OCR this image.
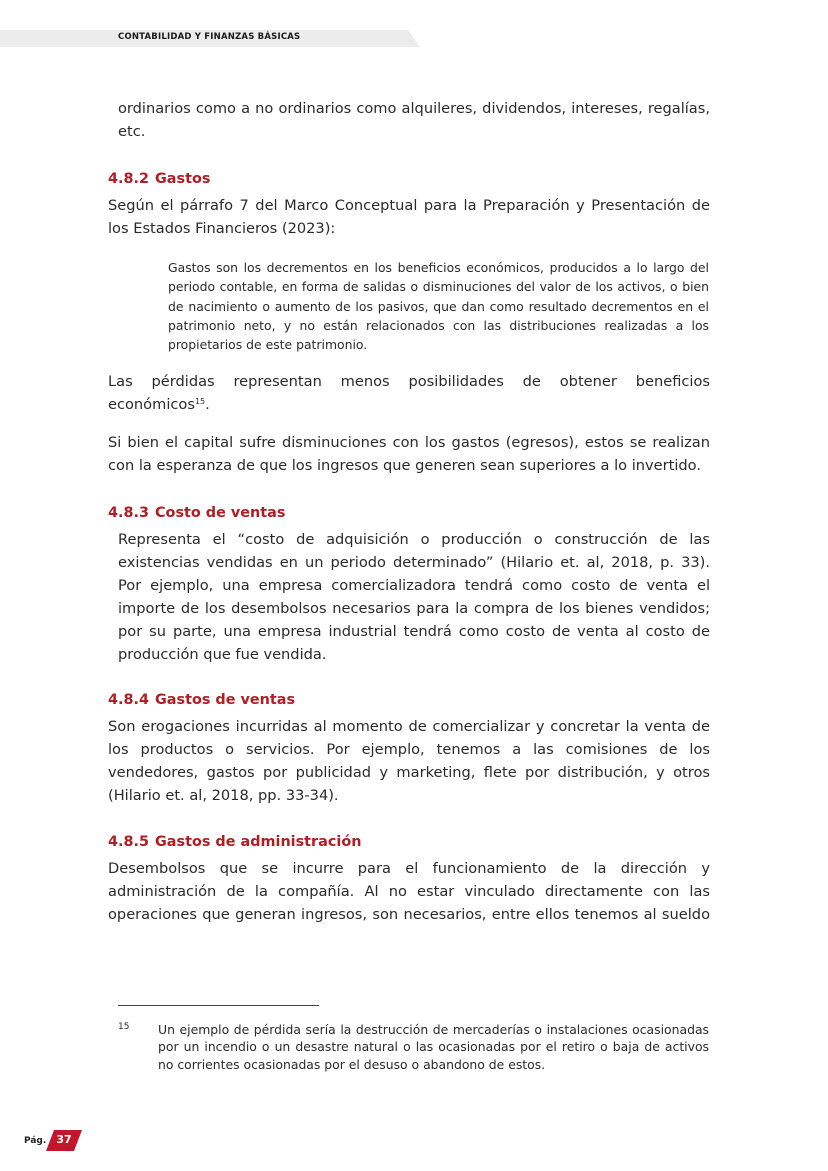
CONTABILIDAD Y FINANZAS BÁSICAS

ordinarios como a no ordinarios como alquileres, dividendos, intereses, regalías, etc.

4.8.2 Gastos

Según el párrafo 7 del Marco Conceptual para la Preparación y Presentación de los Estados Financieros (2023):

Gastos son los decrementos en los beneficios económicos, producidos a lo largo del periodo contable, en forma de salidas o disminuciones del valor de los activos, o bien de nacimiento o aumento de los pasivos, que dan como resultado decrementos en el patrimonio neto, y no están relacionados con las distribuciones realizadas a los propietarios de este patrimonio.

Las pérdidas representan menos posibilidades de obtener beneficios económicos$^{15}$.

Si bien el capital sufre disminuciones con los gastos (egresos), estos se realizan con la esperanza de que los ingresos que generen sean superiores a lo invertido.

4.8.3 Costo de ventas

Representa el “costo de adquisición o producción o construcción de las existencias vendidas en un periodo determinado” (Hilario et. al, 2018, p. 33). Por ejemplo, una empresa comercializadora tendrá como costo de venta el importe de los desembolsos necesarios para la compra de los bienes vendidos; por su parte, una empresa industrial tendrá como costo de venta al costo de producción que fue vendida.

4.8.4 Gastos de ventas

Son erogaciones incurridas al momento de comercializar y concretar la venta de los productos o servicios. Por ejemplo, tenemos a las comisiones de los vendedores, gastos por publicidad y marketing, flete por distribución, y otros (Hilario et. al, 2018, pp. 33-34).

4.8.5 Gastos de administración

Desembolsos que se incurre para el funcionamiento de la dirección y administración de la compañía. Al no estar vinculado directamente con las operaciones que generan ingresos, son necesarios, entre ellos tenemos al sueldo

15 Un ejemplo de pérdida sería la destrucción de mercaderías o instalaciones ocasionadas por un incendio o un desastre natural o las ocasionadas por el retiro o baja de activos no corrientes ocasionadas por el desuso o abandono de estos.

Pág. 37
